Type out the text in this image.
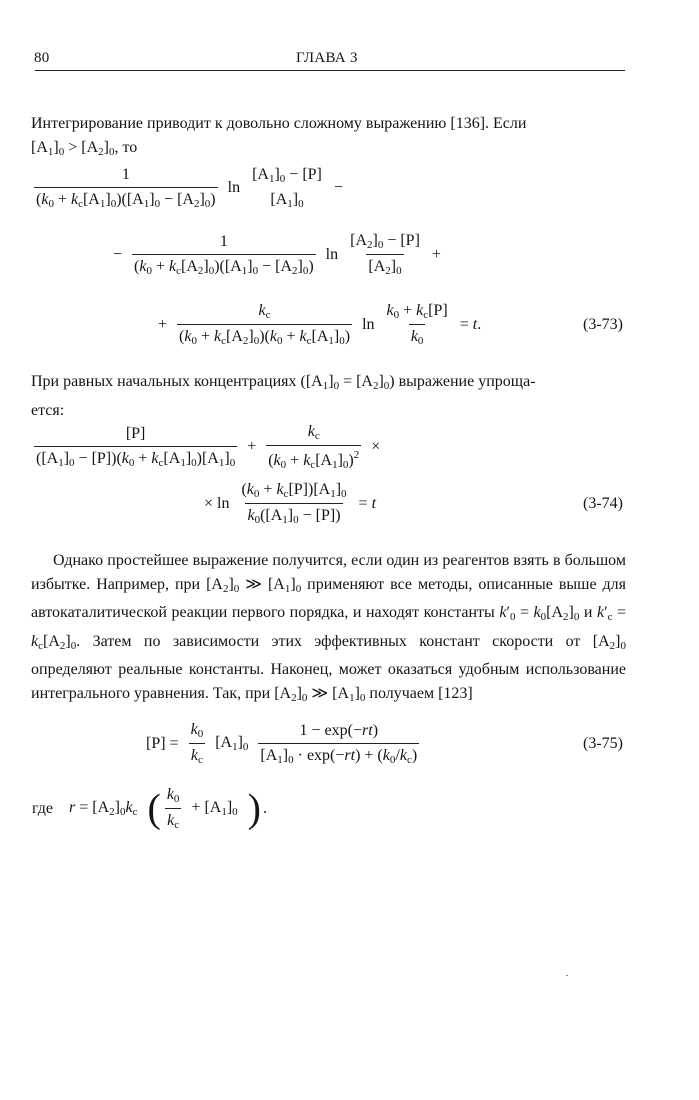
80	ГЛАВА 3
Интегрирование приводит к довольно сложному выражению [136]. Если
$[A_1]_0 > [A_2]_0$, то
$\frac{1}{(k_0 + k_c[A_1]_0)([A_1]_0 - [A_2]_0)}$ ln
$[A_1]_0 - [P]$
$[A_1]_0$
−
− $\frac{1}{(k_0 + k_c[A_2]_0)([A_1]_0 - [A_2]_0)}$ $\ln \frac{[A_2]_0 - [P]}{[A_2]_0}$ +
+ $\frac{k_c}{(k_0 + k_c[A_2]_0)(k_0 + k_c[A_1]_0)}$ $\ln \frac{k_0 + k_c[P]}{k_0} = t$.	(3-73)
При равных начальных концентрациях $([A_1]_0 = [A_2]_0)$ выражение упроща-
ется:
$\frac{[P]}{([A_1]_0 - [P])(k_0 + k_c[A_1]_0)[A_1]_0} + \frac{k_c}{(k_0 + k_c[A_1]_0)^2}$ ×
× $\ln \frac{(k_0 + k_c[P])[A_1]_0}{k_0([A_1]_0 - [P])} = t$	(3-74)
Однако простейшее выражение получится, если один из реагентов взять в большом избытке. Например, при $[A_2]_0$ ≫ $[A_1]_0$ применяют все методы, описанные выше для автокаталитической реакции первого порядка, и находят константы $k'_0 = k_0[A_2]_0$ и $k'_c = k_c[A_2]_0$. Затем по зависимости этих эффективных констант скорости от $[A_2]_0$ определяют реальные константы. Наконец, может оказаться удобным использование интегрального уравнения. Так, при $[A_2]_0$ ≫ $[A_1]_0$ получаем [123]
$[P] = \frac{k_0}{k_c} [A_1]_0 \frac{1 - \exp(-rt)}{[A_1]_0 \cdot \exp(-rt) + (k_0/k_c)}$	(3-75)
где $r = [A_2]_0k_c$ ( $\frac{k_0}{k_c} + [A_1]_0$ ) .
